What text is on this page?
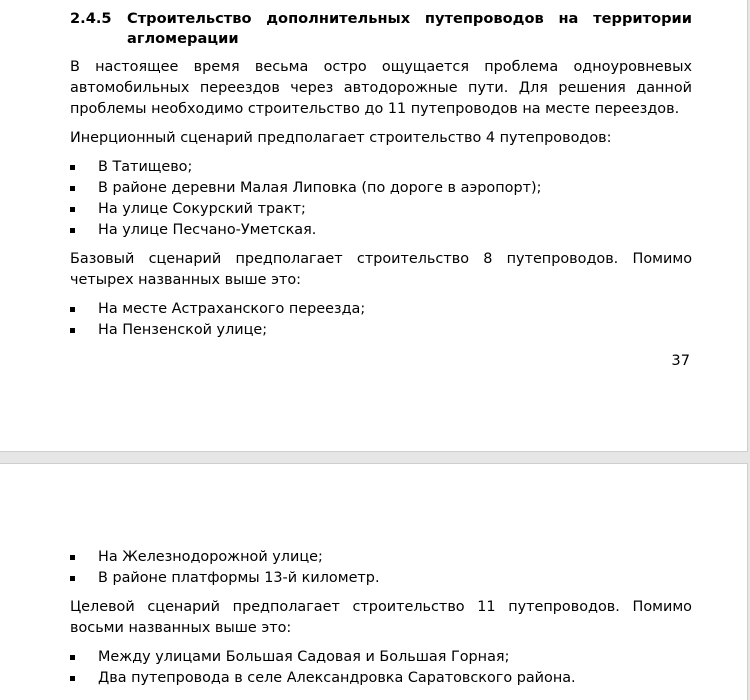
2.4.5	Строительство дополнительных путепроводов на территории агломерации

В настоящее время весьма остро ощущается проблема одноуровневых автомобильных переездов через автодорожные пути. Для решения данной проблемы необходимо строительство до 11 путепроводов на месте переездов.

Инерционный сценарий предполагает строительство 4 путепроводов:

В Татищево;
В районе деревни Малая Липовка (по дороге в аэропорт);
На улице Сокурский тракт;
На улице Песчано-Уметская.

Базовый сценарий предполагает строительство 8 путепроводов. Помимо четырех названных выше это:

На месте Астраханского переезда;
На Пензенской улице;
37
На Железнодорожной улице;
В районе платформы 13-й километр.

Целевой сценарий предполагает строительство 11 путепроводов. Помимо восьми названных выше это:

Между улицами Большая Садовая и Большая Горная;
Два путепровода в селе Александровка Саратовского района.
